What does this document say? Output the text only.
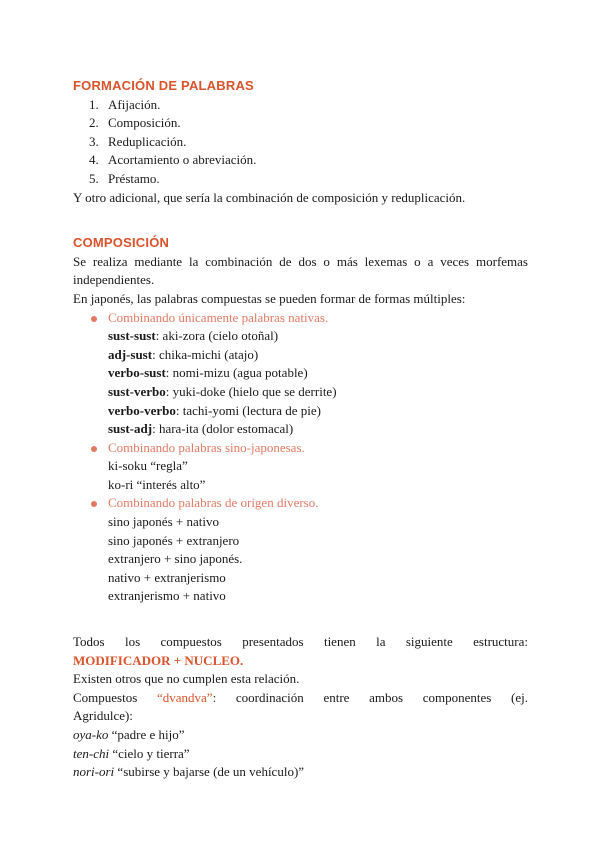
FORMACIÓN DE PALABRAS
1. Afijación.
2. Composición.
3. Reduplicación.
4. Acortamiento o abreviación.
5. Préstamo.

Y otro adicional, que sería la combinación de composición y reduplicación.

COMPOSICIÓN

Se realiza mediante la combinación de dos o más lexemas o a veces morfemas

independientes.

En japonés, las palabras compuestas se pueden formar de formas múltiples:

Combinando únicamente palabras nativas.
sust-sust: aki-zora (cielo otoñal)
adj-sust: chika-michi (atajo)
verbo-sust: nomi-mizu (agua potable)
sust-verbo: yuki-doke (hielo que se derrite)
verbo-verbo: tachi-yomi (lectura de pie)
sust-adj: hara-ita (dolor estomacal)
Combinando palabras sino-japonesas.
ki-soku “regla”
ko-ri “interés alto”
Combinando palabras de origen diverso.
sino japonés + nativo
sino japonés + extranjero
extranjero + sino japonés.
nativo + extranjerismo
extranjerismo + nativo

Todos los compuestos presentados tienen la siguiente estructura:

MODIFICADOR + NUCLEO.

Existen otros que no cumplen esta relación.

Compuestos “dvandva”: coordinación entre ambos componentes (ej.

Agridulce):

oya-ko “padre e hijo”

ten-chi “cielo y tierra”

nori-ori “subirse y bajarse (de un vehículo)”
